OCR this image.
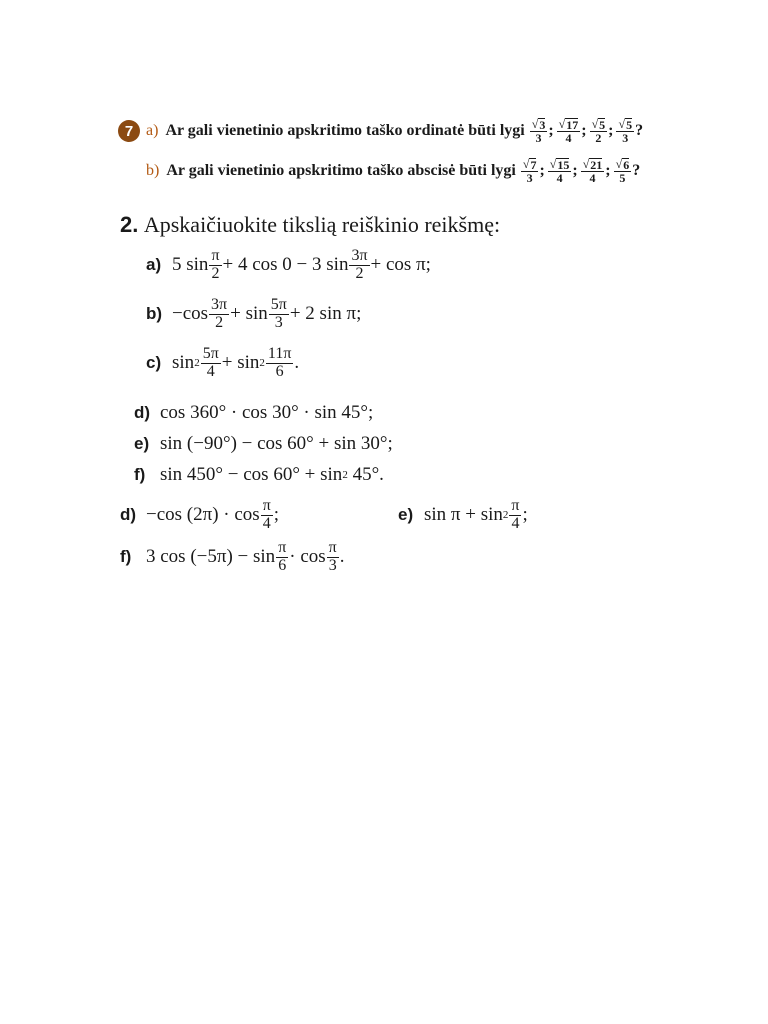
7 a) Ar gali vienetinio apskritimo taško ordinatė būti lygi $\frac{√ 3}{3}$ ; $\frac{√ 17}{4}$ ; $\frac{√ 5}{2}$ ; $\frac{√ 5}{3}$ ?
b) Ar gali vienetinio apskritimo taško abscisė būti lygi $\frac{√ 7}{3}$ ; $\frac{√ 15}{4}$ ; $\frac{√ 21}{4}$ ; $\frac{√ 6}{5}$ ?
2. Apskaičiuokite tikslią reiškinio reikšmę:
a) 5 $\sin \frac{\pi}{2} + 4$ cos 0 − 3 $\sin \frac{3\pi}{2} + \cos \pi$;
$b) -\cos \frac{3\pi}{2} + \sin \frac{5\pi}{3} + 2$ sin π;
c) $\sin 2 \frac{5\pi}{4} + \sin 2 \frac{11\pi}{6}$ .
d) cos 360° · cos 30° · sin 45°;
e) sin (−90°) − cos 60° + sin 30°;
f) sin 450° − cos 60° + sin 2
45°.
d) −cos $(2\pi) \cdot \cos \frac{\pi}{4}$ ;	e) $\sin \pi + \sin 2 \frac{\pi}{4}$ ;
f) 3 $\cos (-5\pi) - \sin \frac{\pi}{6} \cdot \cos \frac{\pi}{3}$ .
